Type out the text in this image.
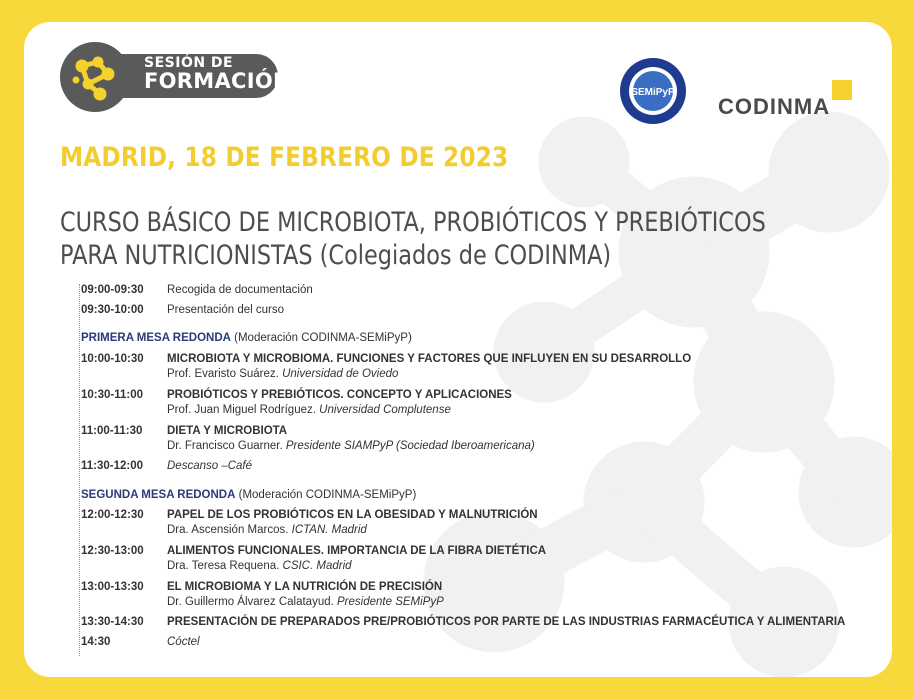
SESIÓN DE
FORMACIÓN	SEMiPyP
CODINMA
MADRID, 18 DE FEBRERO DE 2023
CURSO BÁSICO DE MICROBIOTA, PROBIÓTICOS Y PREBIÓTICOS
PARA NUTRICIONISTAS (Colegiados de CODINMA)
09:00-09:30 Recogida de documentación
09:30-10:00 Presentación del curso
PRIMERA MESA REDONDA (Moderación CODINMA-SEMiPyP)
10:00-10:30 MICROBIOTA Y MICROBIOMA. FUNCIONES Y FACTORES QUE INFLUYEN EN SU DESARROLLO
Prof. Evaristo Suárez. Universidad de Oviedo
10:30-11:00 PROBIÓTICOS Y PREBIÓTICOS. CONCEPTO Y APLICACIONES
Prof. Juan Miguel Rodríguez. Universidad Complutense
11:00-11:30 DIETA Y MICROBIOTA
Dr. Francisco Guarner. Presidente SIAMPyP (Sociedad Iberoamericana)
11:30-12:00 Descanso –Café
SEGUNDA MESA REDONDA (Moderación CODINMA-SEMiPyP)
12:00-12:30 PAPEL DE LOS PROBIÓTICOS EN LA OBESIDAD Y MALNUTRICIÓN
Dra. Ascensión Marcos. ICTAN. Madrid
12:30-13:00 ALIMENTOS FUNCIONALES. IMPORTANCIA DE LA FIBRA DIETÉTICA
Dra. Teresa Requena. CSIC. Madrid
13:00-13:30 EL MICROBIOMA Y LA NUTRICIÓN DE PRECISIÓN
Dr. Guillermo Álvarez Calatayud. Presidente SEMiPyP
13:30-14:30 PRESENTACIÓN DE PREPARADOS PRE/PROBIÓTICOS POR PARTE DE LAS INDUSTRIAS FARMACÉUTICA Y ALIMENTARIA
14:30	Cóctel
